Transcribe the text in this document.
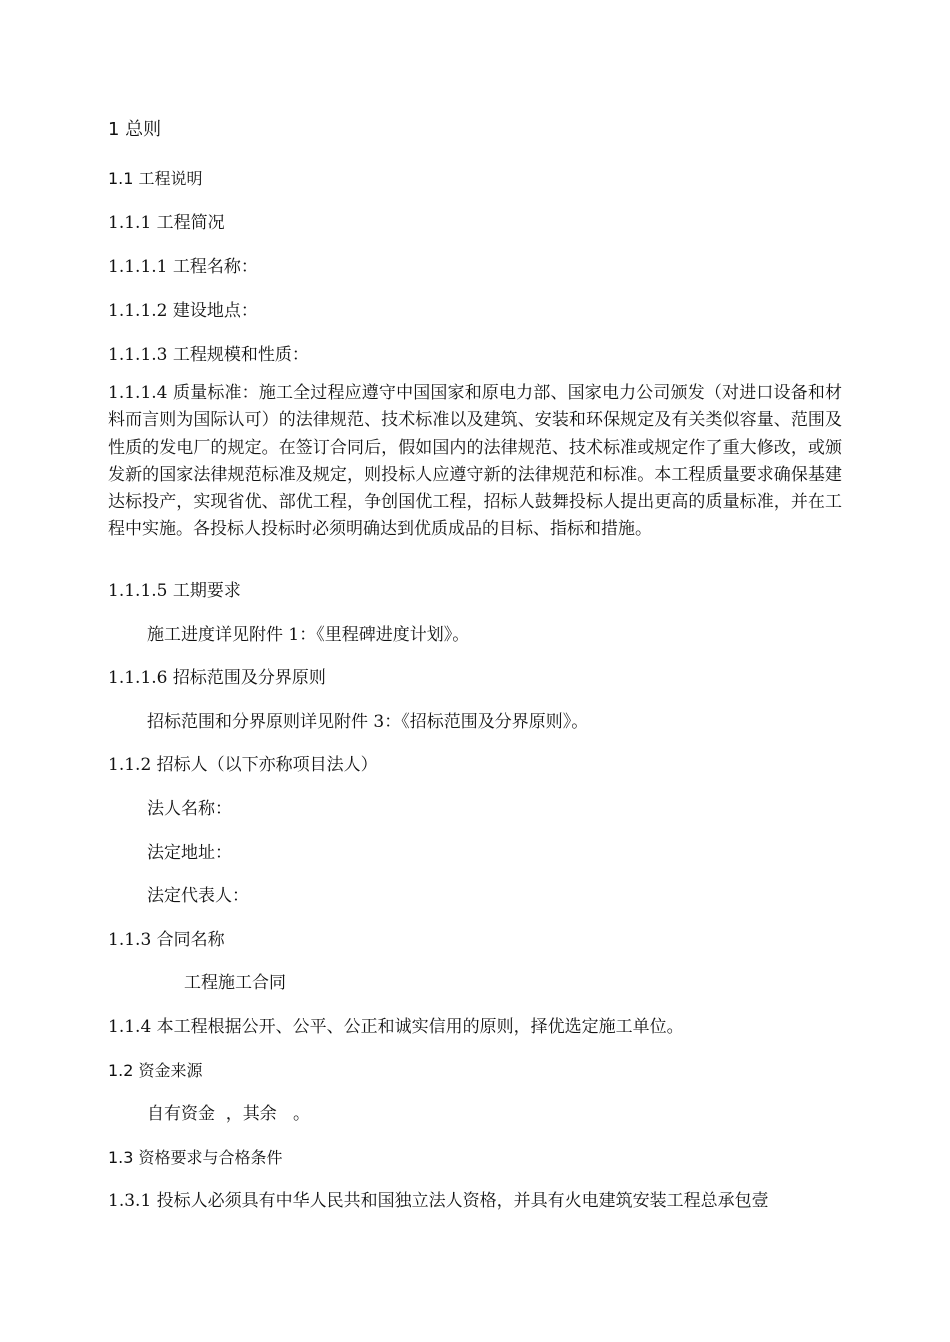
1 总则
1.1 工程说明
1.1.1 工程简况
1.1.1.1 工程名称：
1.1.1.2 建设地点：
1.1.1.3 工程规模和性质：
1.1.1.4 质量标准：施工全过程应遵守中国国家和原电力部、国家电力公司颁发（对进口设备和材料而言则为国际认可）的法律规范、技术标准以及建筑、安装和环保规定及有关类似容量、范围及性质的发电厂的规定。在签订合同后，假如国内的法律规范、技术标准或规定作了重大修改，或颁发新的国家法律规范标准及规定，则投标人应遵守新的法律规范和标准。本工程质量要求确保基建达标投产，实现省优、部优工程，争创国优工程，招标人鼓舞投标人提出更高的质量标准，并在工程中实施。各投标人投标时必须明确达到优质成品的目标、指标和措施。
1.1.1.5 工期要求
施工进度详见附件 1：《里程碑进度计划》。
1.1.1.6 招标范围及分界原则
招标范围和分界原则详见附件 3：《招标范围及分界原则》。
1.1.2 招标人（以下亦称项目法人）
法人名称：
法定地址：
法定代表人：
1.1.3 合同名称
工程施工合同
1.1.4 本工程根据公开、公平、公正和诚实信用的原则，择优选定施工单位。
1.2 资金来源
自有资金  ，其余   。
1.3 资格要求与合格条件
1.3.1 投标人必须具有中华人民共和国独立法人资格，并具有火电建筑安装工程总承包壹
